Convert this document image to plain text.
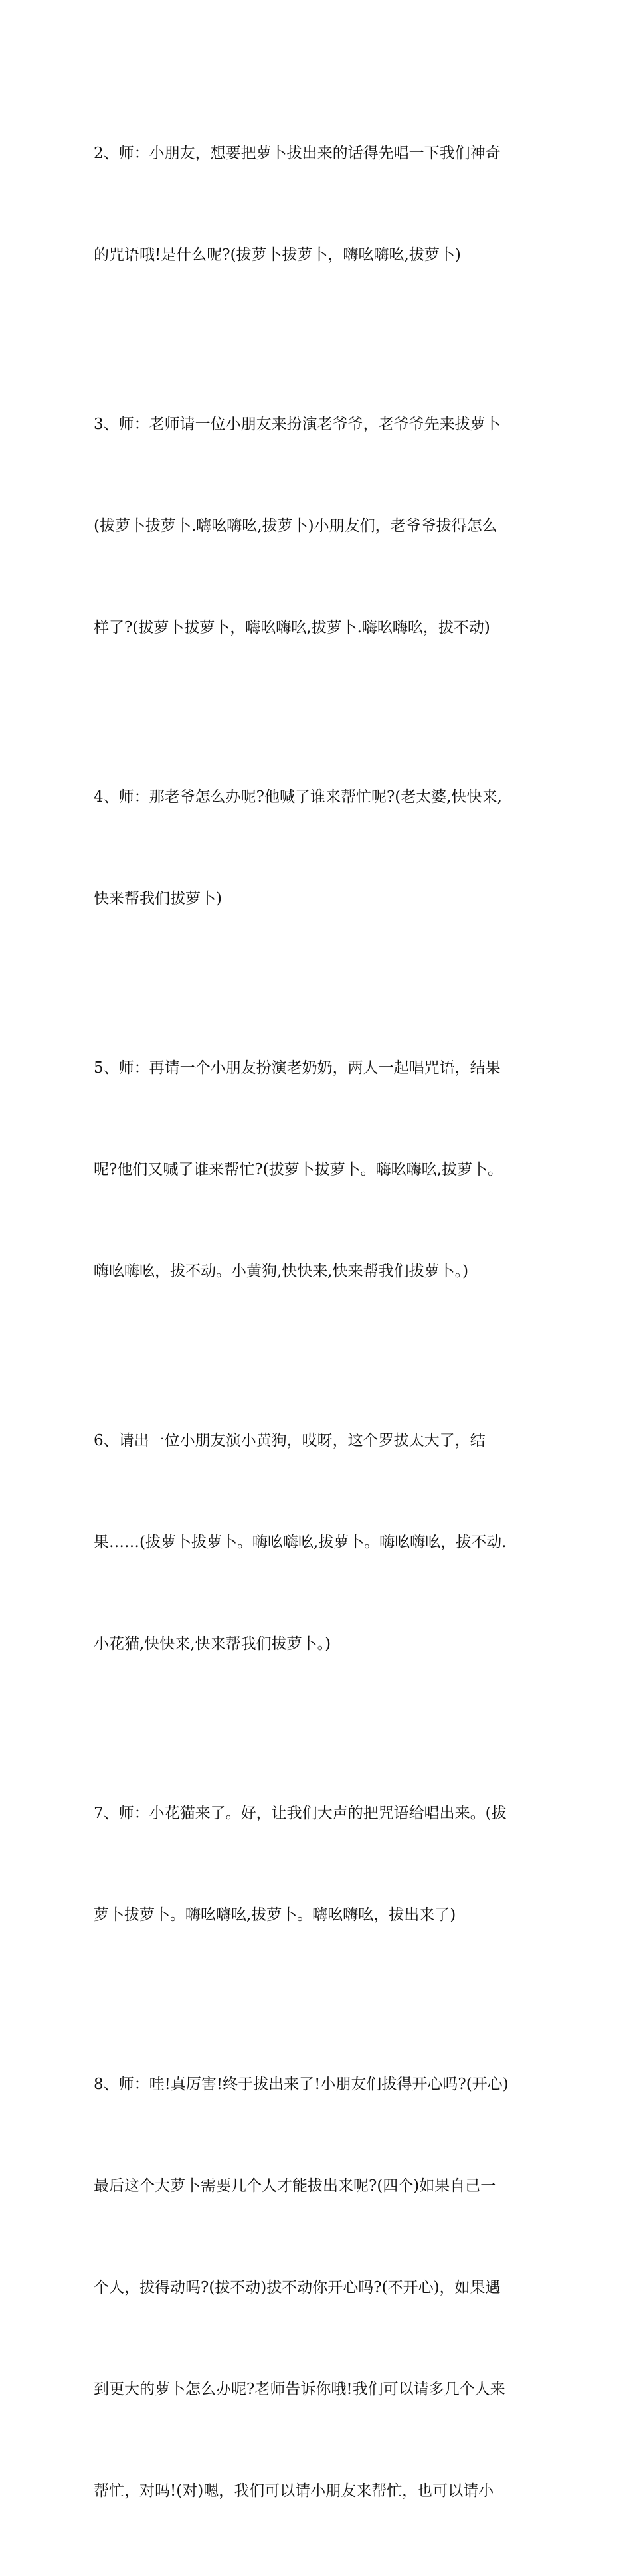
2、师：小朋友，想要把萝卜拔出来的话得先唱一下我们神奇

的咒语哦!是什么呢?(拔萝卜拔萝卜，嗨吆嗨吆,拔萝卜)

3、师：老师请一位小朋友来扮演老爷爷，老爷爷先来拔萝卜

(拔萝卜拔萝卜.嗨吆嗨吆,拔萝卜)小朋友们，老爷爷拔得怎么

样了?(拔萝卜拔萝卜，嗨吆嗨吆,拔萝卜.嗨吆嗨吆，拔不动)

4、师：那老爷怎么办呢?他喊了谁来帮忙呢?(老太婆,快快来,

快来帮我们拔萝卜)

5、师：再请一个小朋友扮演老奶奶，两人一起唱咒语，结果

呢?他们又喊了谁来帮忙?(拔萝卜拔萝卜。嗨吆嗨吆,拔萝卜。

嗨吆嗨吆，拔不动。小黄狗,快快来,快来帮我们拔萝卜。)

6、请出一位小朋友演小黄狗，哎呀，这个罗拔太大了，结

果……(拔萝卜拔萝卜。嗨吆嗨吆,拔萝卜。嗨吆嗨吆，拔不动.

小花猫,快快来,快来帮我们拔萝卜。)

7、师：小花猫来了。好，让我们大声的把咒语给唱出来。(拔

萝卜拔萝卜。嗨吆嗨吆,拔萝卜。嗨吆嗨吆，拔出来了)

8、师：哇!真厉害!终于拔出来了!小朋友们拔得开心吗?(开心)

最后这个大萝卜需要几个人才能拔出来呢?(四个)如果自己一

个人，拔得动吗?(拔不动)拔不动你开心吗?(不开心)，如果遇

到更大的萝卜怎么办呢?老师告诉你哦!我们可以请多几个人来

帮忙，对吗!(对)嗯，我们可以请小朋友来帮忙，也可以请小
